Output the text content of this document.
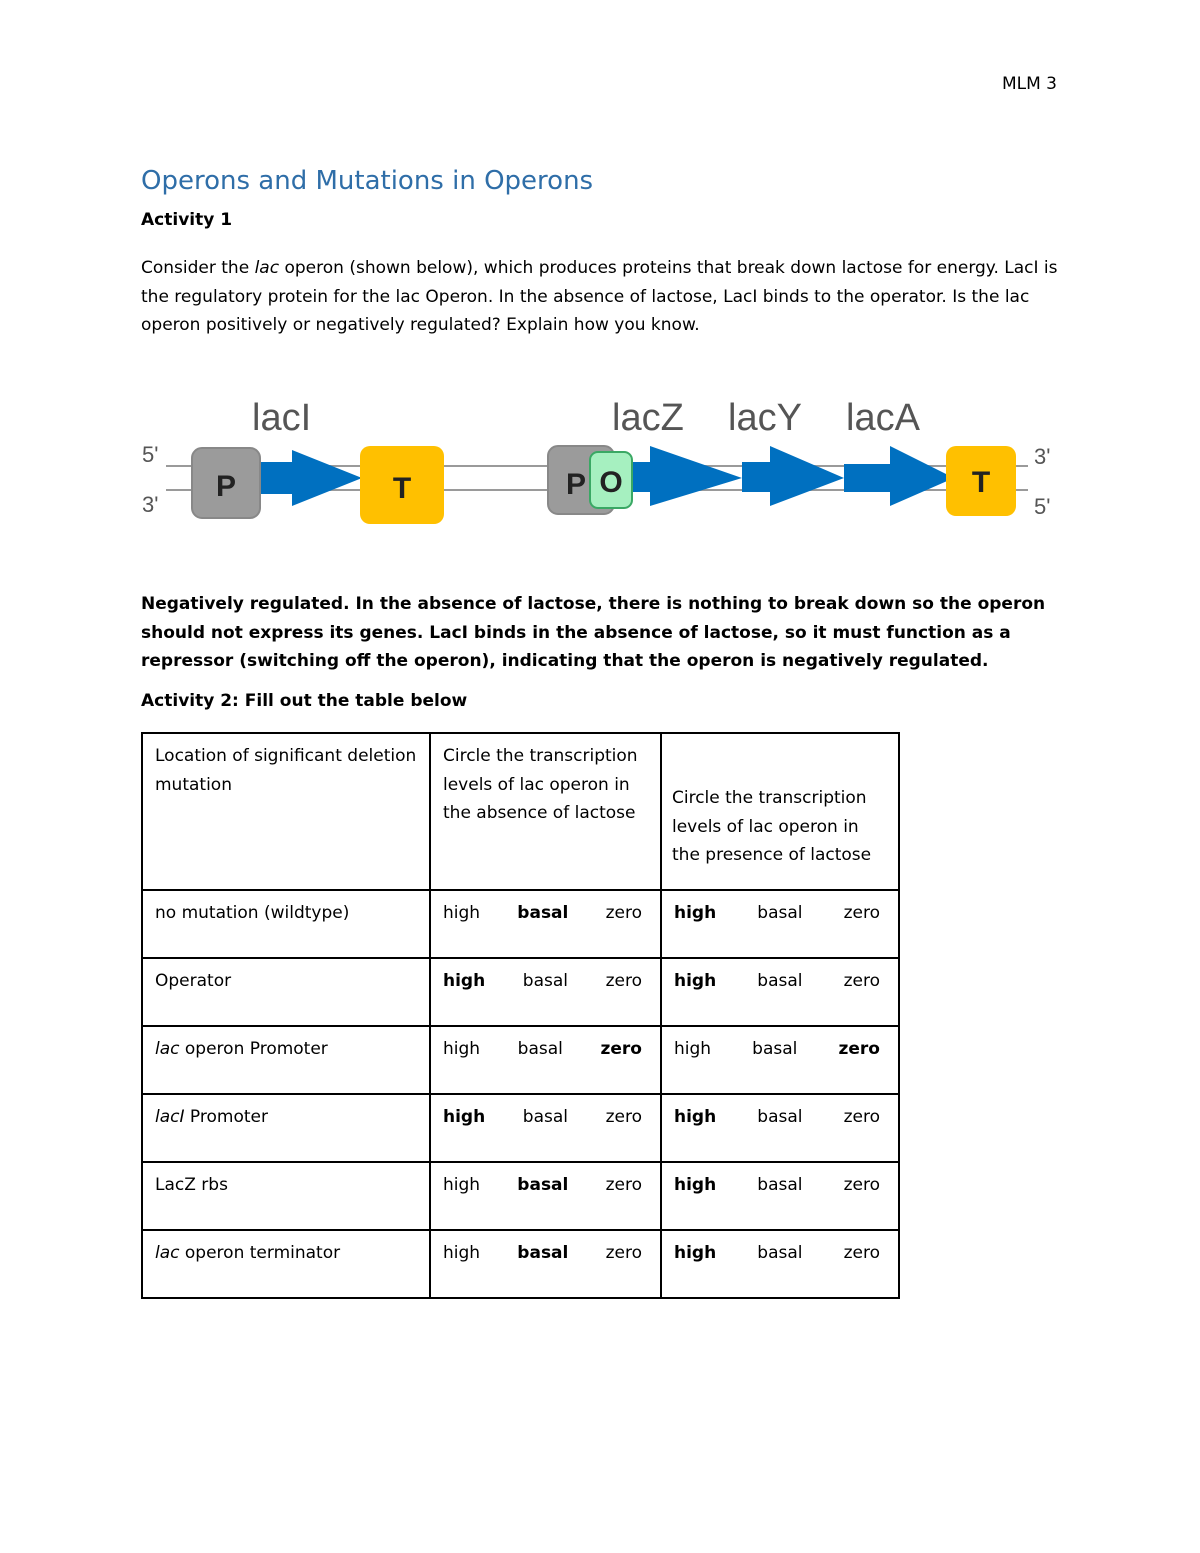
MLM 3
Operons and Mutations in Operons

Activity 1

Consider the lac operon (shown below), which produces proteins that break down lactose for energy. LacI is the regulatory protein for the lac Operon. In the absence of lactose, LacI binds to the operator. Is the lac operon positively or negatively regulated? Explain how you know.

5'
3'
3'
5'
lacI	lacZ lacY lacA
P	T	P O	T

Negatively regulated. In the absence of lactose, there is nothing to break down so the operon should not express its genes. LacI binds in the absence of lactose, so it must function as a repressor (switching off the operon), indicating that the operon is negatively regulated.

Activity 2: Fill out the table below

Location of significant deletion mutation	Circle the transcription levels of lac operon in the absence of lactose	Circle the transcription levels of lac operon in the presence of lactose

no mutation (wildtype)	high basal zero	high basal zero

Operator	high basal zero	high basal zero

lac operon Promoter	high basal zero	high basal zero

lacI Promoter	high basal zero	high basal zero

LacZ rbs	high basal zero	high basal zero

lac operon terminator	high basal zero	high basal zero
